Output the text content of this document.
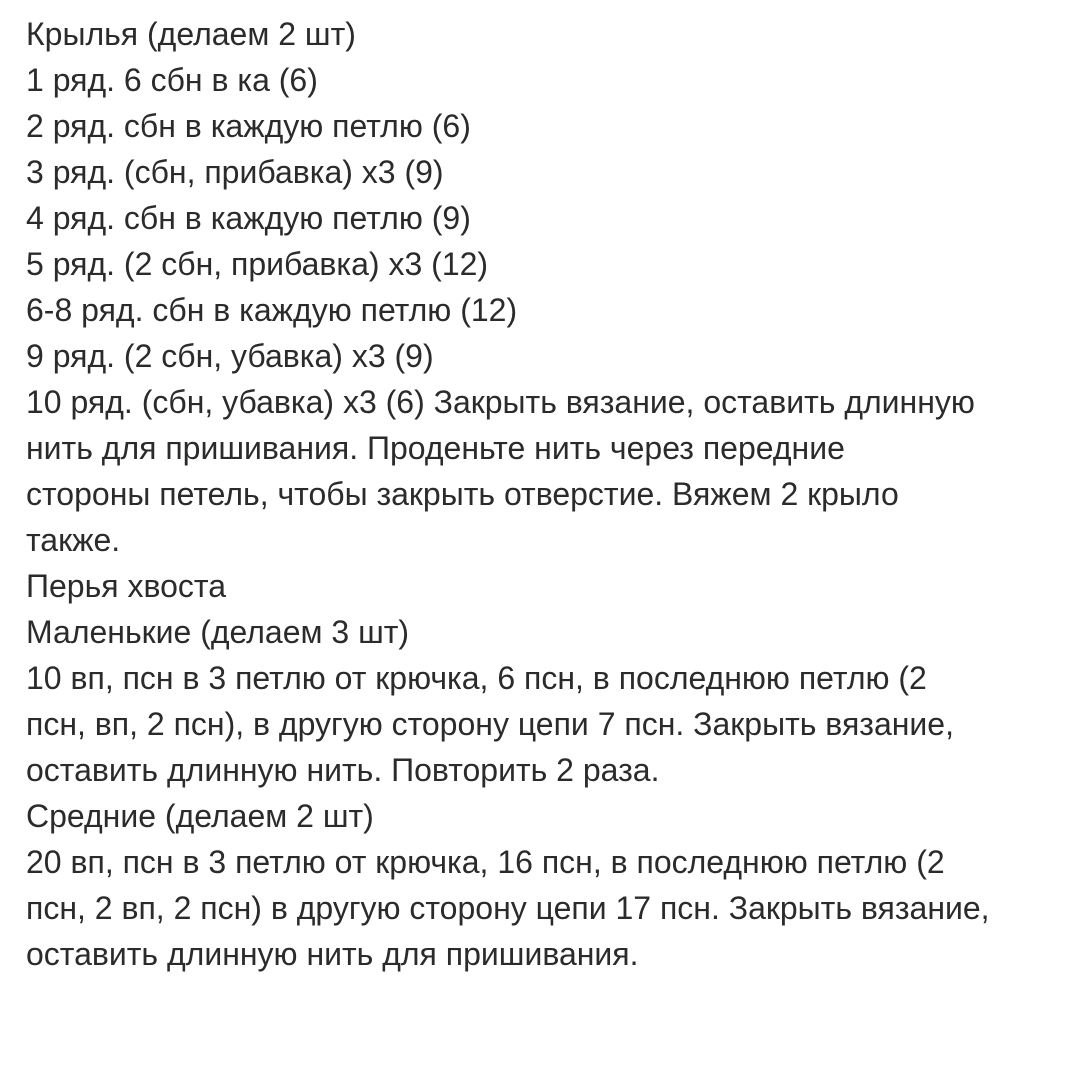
Крылья (делаем 2 шт)
1 ряд. 6 сбн в ка (6)
2 ряд. сбн в каждую петлю (6)
3 ряд. (сбн, прибавка) х3 (9)
4 ряд. сбн в каждую петлю (9)
5 ряд. (2 сбн, прибавка) х3 (12)
6-8 ряд. сбн в каждую петлю (12)
9 ряд. (2 сбн, убавка) х3 (9)
10 ряд. (сбн, убавка) х3 (6) Закрыть вязание, оставить длинную
нить для пришивания. Проденьте нить через передние
стороны петель, чтобы закрыть отверстие. Вяжем 2 крыло
также.
Перья хвоста
Маленькие (делаем 3 шт)
10 вп, псн в 3 петлю от крючка, 6 псн, в последнюю петлю (2
псн, вп, 2 псн), в другую сторону цепи 7 псн. Закрыть вязание,
оставить длинную нить. Повторить 2 раза.
Средние (делаем 2 шт)
20 вп, псн в 3 петлю от крючка, 16 псн, в последнюю петлю (2
псн, 2 вп, 2 псн) в другую сторону цепи 17 псн. Закрыть вязание,
оставить длинную нить для пришивания.
